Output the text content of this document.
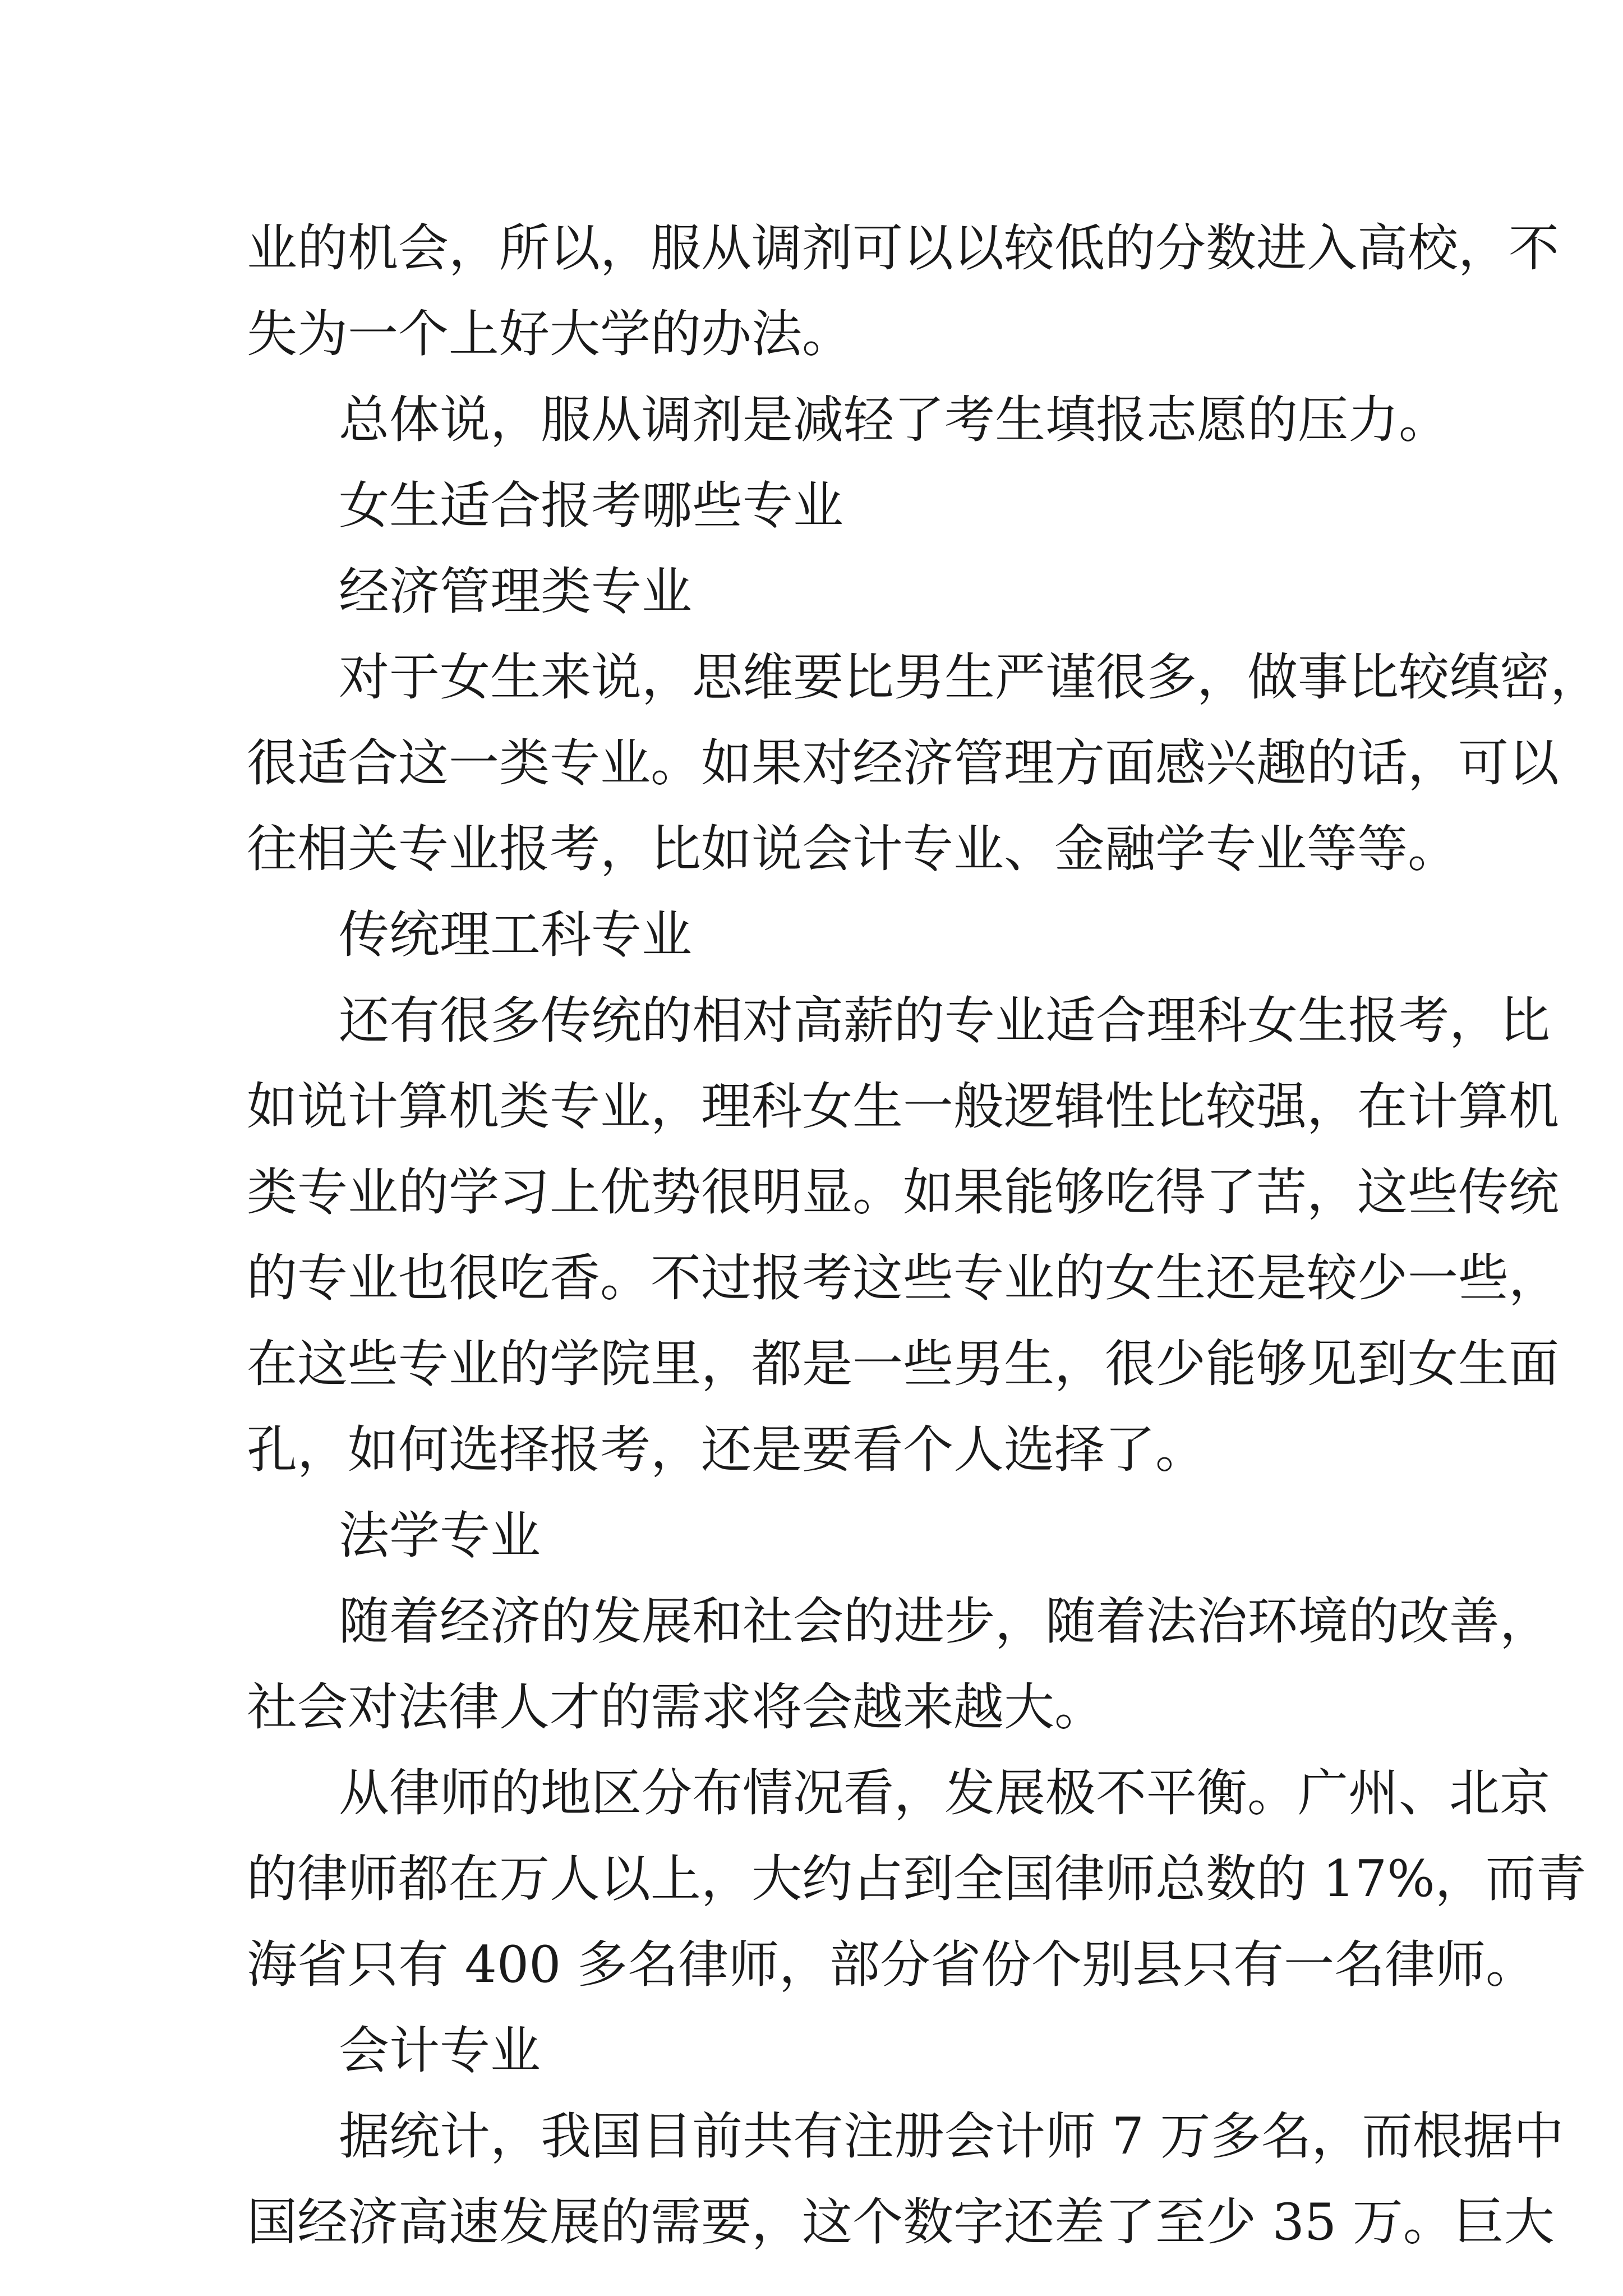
业的机会，所以，服从调剂可以以较低的分数进入高校，不
失为一个上好大学的办法。
总体说，服从调剂是减轻了考生填报志愿的压力。
女生适合报考哪些专业
经济管理类专业
对于女生来说，思维要比男生严谨很多，做事比较缜密，
很适合这一类专业。如果对经济管理方面感兴趣的话，可以
往相关专业报考，比如说会计专业、金融学专业等等。
传统理工科专业
还有很多传统的相对高薪的专业适合理科女生报考，比
如说计算机类专业，理科女生一般逻辑性比较强，在计算机
类专业的学习上优势很明显。如果能够吃得了苦，这些传统
的专业也很吃香。不过报考这些专业的女生还是较少一些，
在这些专业的学院里，都是一些男生，很少能够见到女生面
孔，如何选择报考，还是要看个人选择了。
法学专业
随着经济的发展和社会的进步，随着法治环境的改善，
社会对法律人才的需求将会越来越大。
从律师的地区分布情况看，发展极不平衡。广州、北京
的律师都在万人以上，大约占到全国律师总数的 17%，而青
海省只有 400 多名律师，部分省份个别县只有一名律师。
会计专业
据统计，我国目前共有注册会计师 7 万多名，而根据中
国经济高速发展的需要，这个数字还差了至少 35 万。巨大
